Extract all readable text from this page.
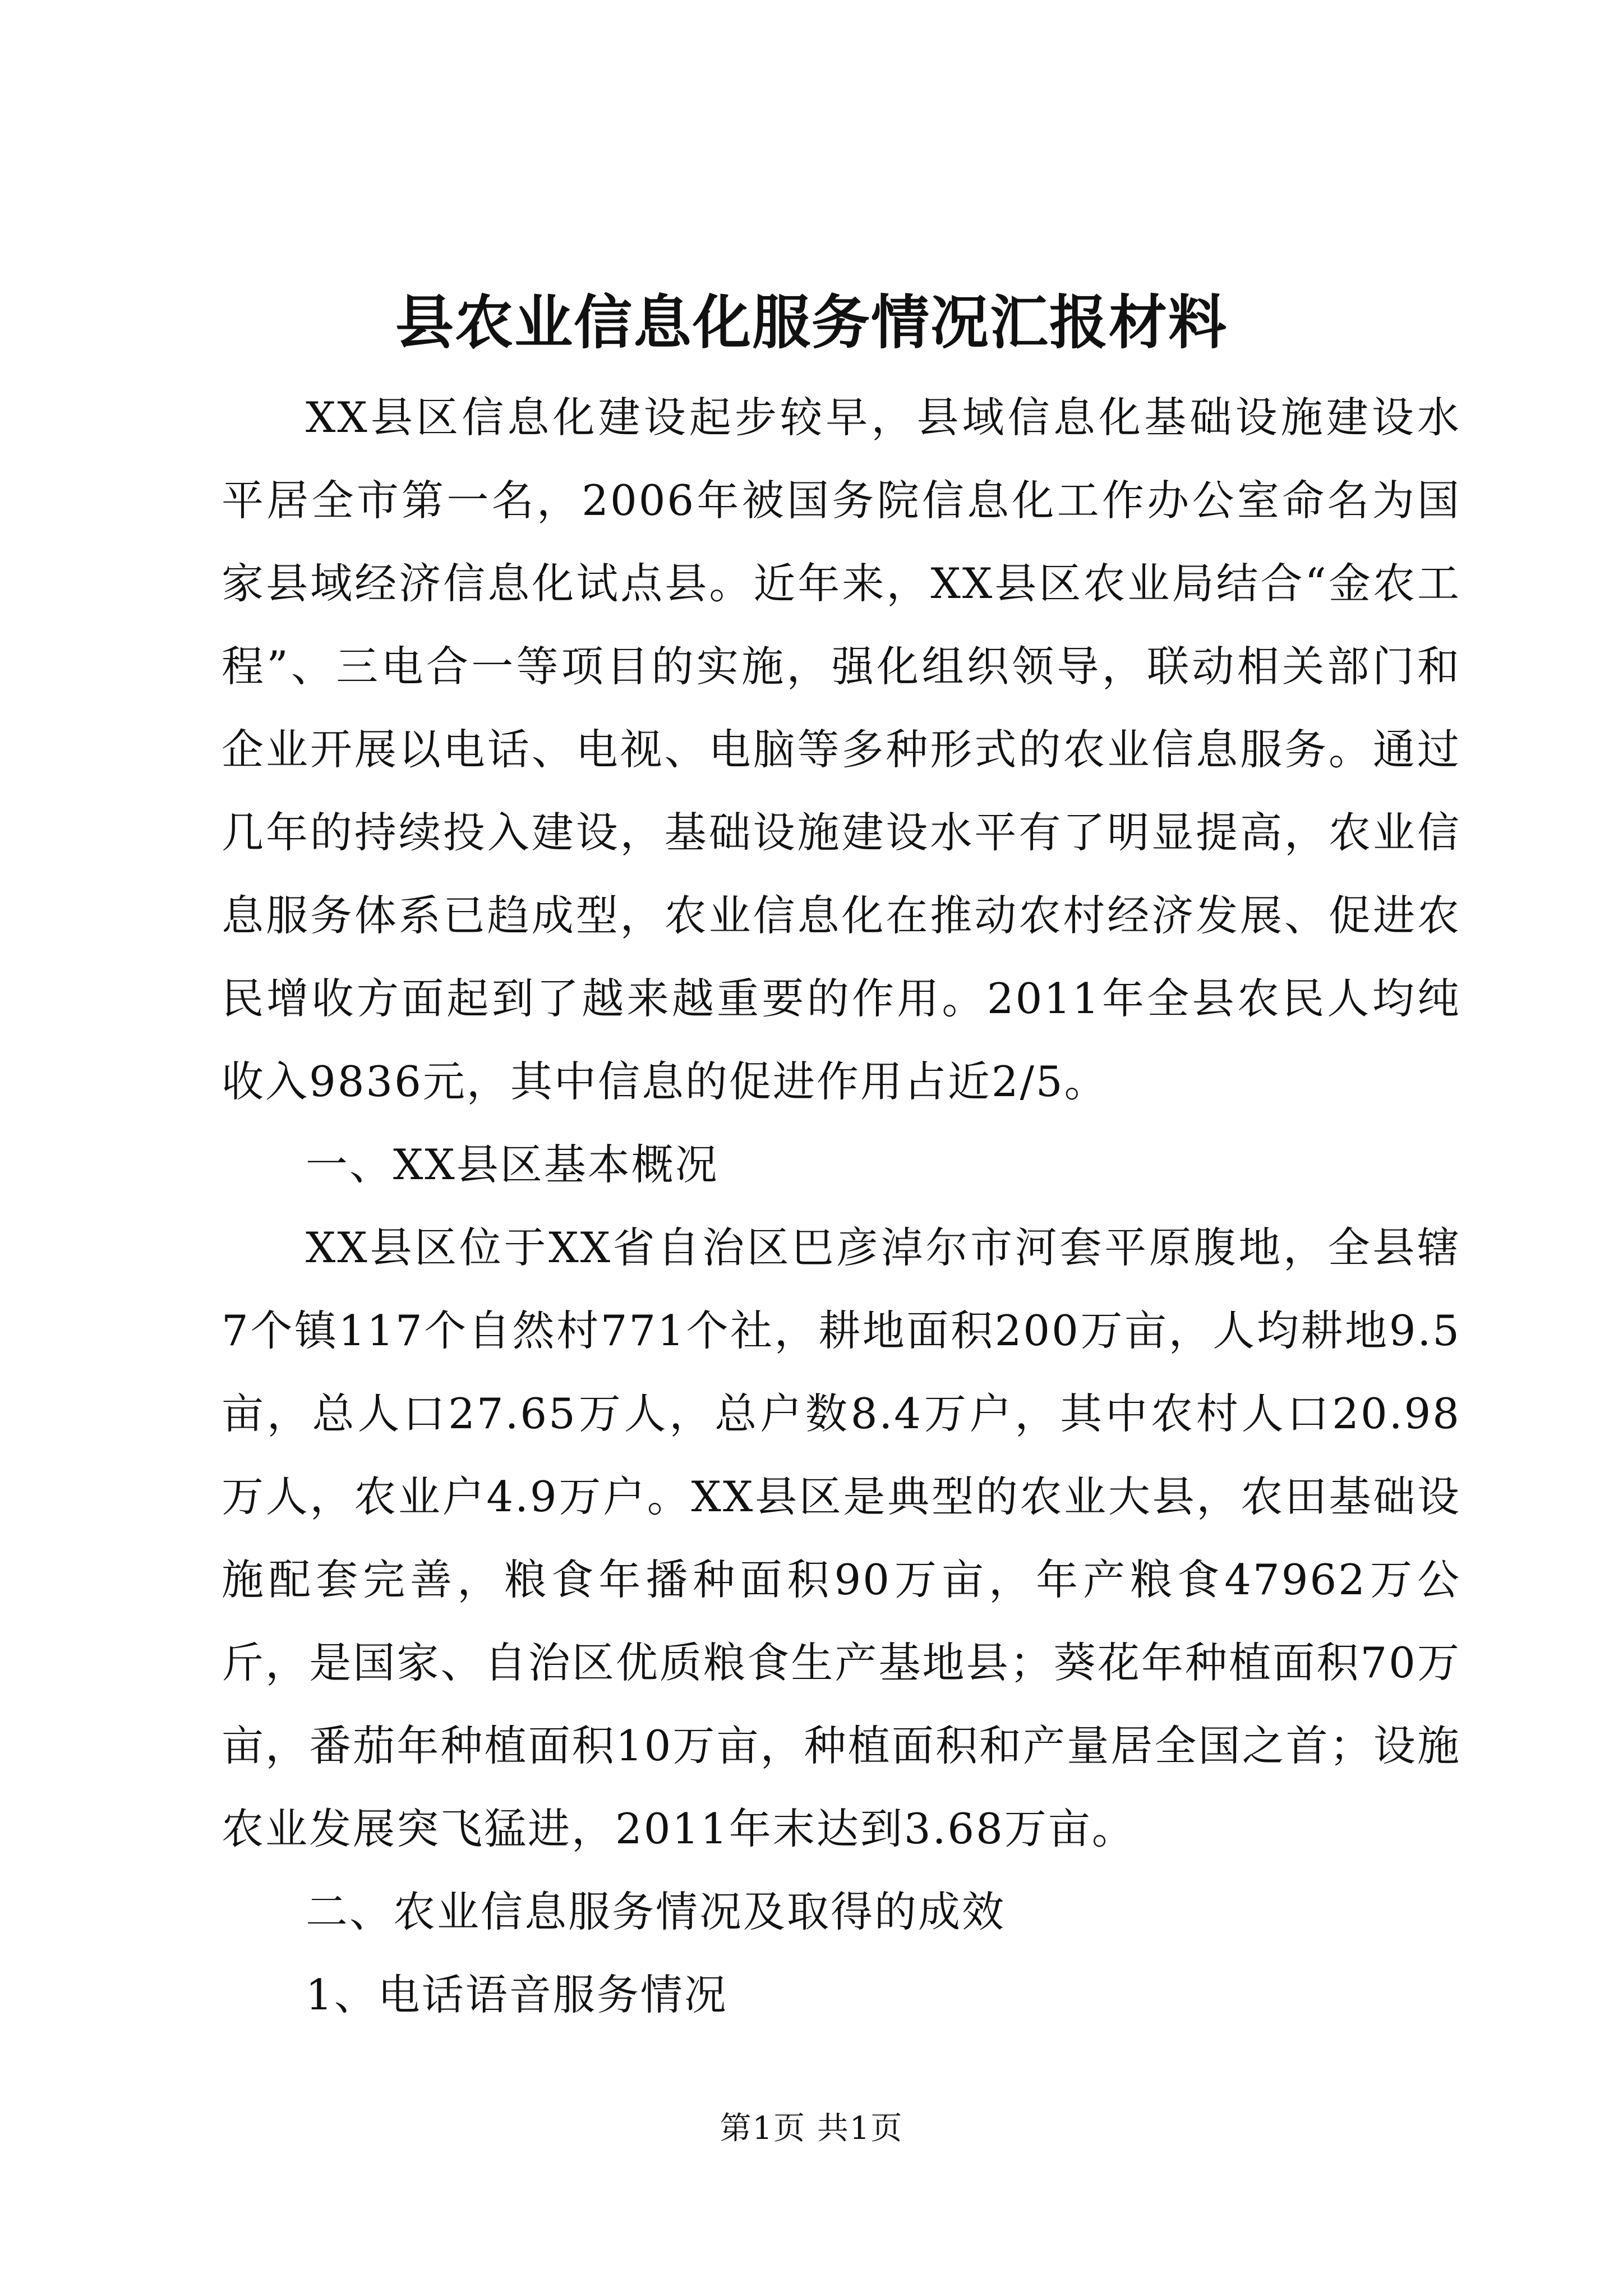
县农业信息化服务情况汇报材料

XX县区信息化建设起步较早，县域信息化基础设施建设水平居全市第一名，2006年被国务院信息化工作办公室命名为国家县域经济信息化试点县。近年来，XX县区农业局结合“金农工程”、三电合一等项目的实施，强化组织领导，联动相关部门和企业开展以电话、电视、电脑等多种形式的农业信息服务。通过几年的持续投入建设，基础设施建设水平有了明显提高，农业信息服务体系已趋成型，农业信息化在推动农村经济发展、促进农民增收方面起到了越来越重要的作用。2011年全县农民人均纯收入9836元，其中信息的促进作用占近2/5。

一、XX县区基本概况

XX县区位于XX省自治区巴彦淖尔市河套平原腹地，全县辖7个镇117个自然村771个社，耕地面积200万亩，人均耕地9.5亩，总人口27.65万人，总户数8.4万户，其中农村人口20.98万人，农业户4.9万户。XX县区是典型的农业大县，农田基础设施配套完善，粮食年播种面积90万亩，年产粮食47962万公斤，是国家、自治区优质粮食生产基地县；葵花年种植面积70万亩，番茄年种植面积10万亩，种植面积和产量居全国之首；设施农业发展突飞猛进，2011年末达到3.68万亩。

二、农业信息服务情况及取得的成效

1、电话语音服务情况

第1页 共1页
